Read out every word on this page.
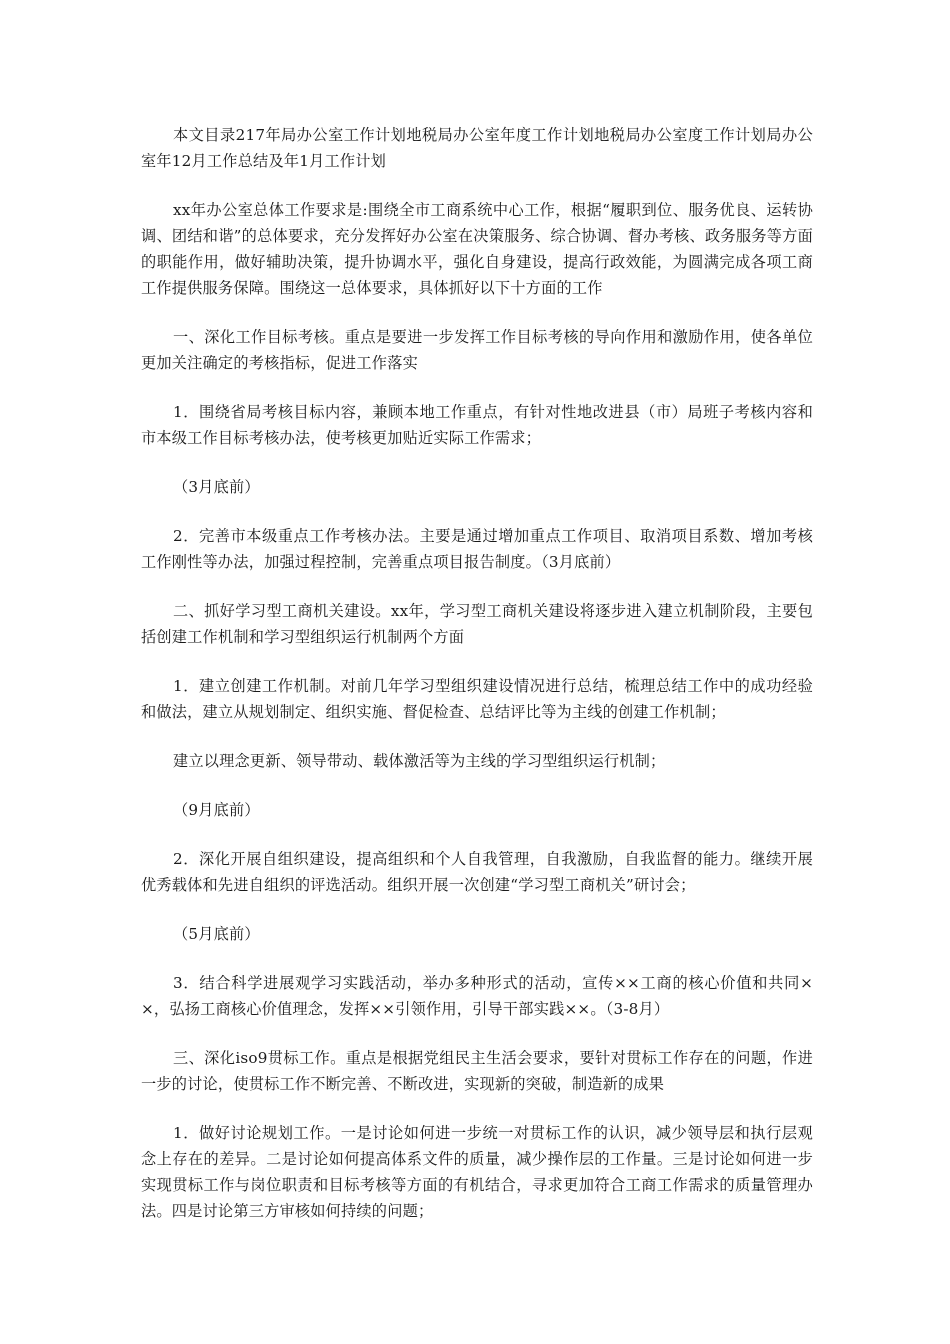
本文目录217年局办公室工作计划地税局办公室年度工作计划地税局办公室度工作计划局办公室年12月工作总结及年1月工作计划

xx年办公室总体工作要求是:围绕全市工商系统中心工作，根据“履职到位、服务优良、运转协调、团结和谐”的总体要求，充分发挥好办公室在决策服务、综合协调、督办考核、政务服务等方面的职能作用，做好辅助决策，提升协调水平，强化自身建设，提高行政效能，为圆满完成各项工商工作提供服务保障。围绕这一总体要求，具体抓好以下十方面的工作

一、深化工作目标考核。重点是要进一步发挥工作目标考核的导向作用和激励作用，使各单位更加关注确定的考核指标，促进工作落实

1．围绕省局考核目标内容，兼顾本地工作重点，有针对性地改进县（市）局班子考核内容和市本级工作目标考核办法，使考核更加贴近实际工作需求；

（3月底前）

2．完善市本级重点工作考核办法。主要是通过增加重点工作项目、取消项目系数、增加考核工作刚性等办法，加强过程控制，完善重点项目报告制度。（3月底前）

二、抓好学习型工商机关建设。xx年，学习型工商机关建设将逐步进入建立机制阶段，主要包括创建工作机制和学习型组织运行机制两个方面

1．建立创建工作机制。对前几年学习型组织建设情况进行总结，梳理总结工作中的成功经验和做法，建立从规划制定、组织实施、督促检查、总结评比等为主线的创建工作机制；

建立以理念更新、领导带动、载体激活等为主线的学习型组织运行机制；

（9月底前）

2．深化开展自组织建设，提高组织和个人自我管理，自我激励，自我监督的能力。继续开展优秀载体和先进自组织的评选活动。组织开展一次创建“学习型工商机关”研讨会；

（5月底前）

3．结合科学进展观学习实践活动，举办多种形式的活动，宣传××工商的核心价值和共同××，弘扬工商核心价值理念，发挥××引领作用，引导干部实践××。（3-8月）

三、深化iso9贯标工作。重点是根据党组民主生活会要求，要针对贯标工作存在的问题，作进一步的讨论，使贯标工作不断完善、不断改进，实现新的突破，制造新的成果

1．做好讨论规划工作。一是讨论如何进一步统一对贯标工作的认识，减少领导层和执行层观念上存在的差异。二是讨论如何提高体系文件的质量，减少操作层的工作量。三是讨论如何进一步实现贯标工作与岗位职责和目标考核等方面的有机结合，寻求更加符合工商工作需求的质量管理办法。四是讨论第三方审核如何持续的问题；
